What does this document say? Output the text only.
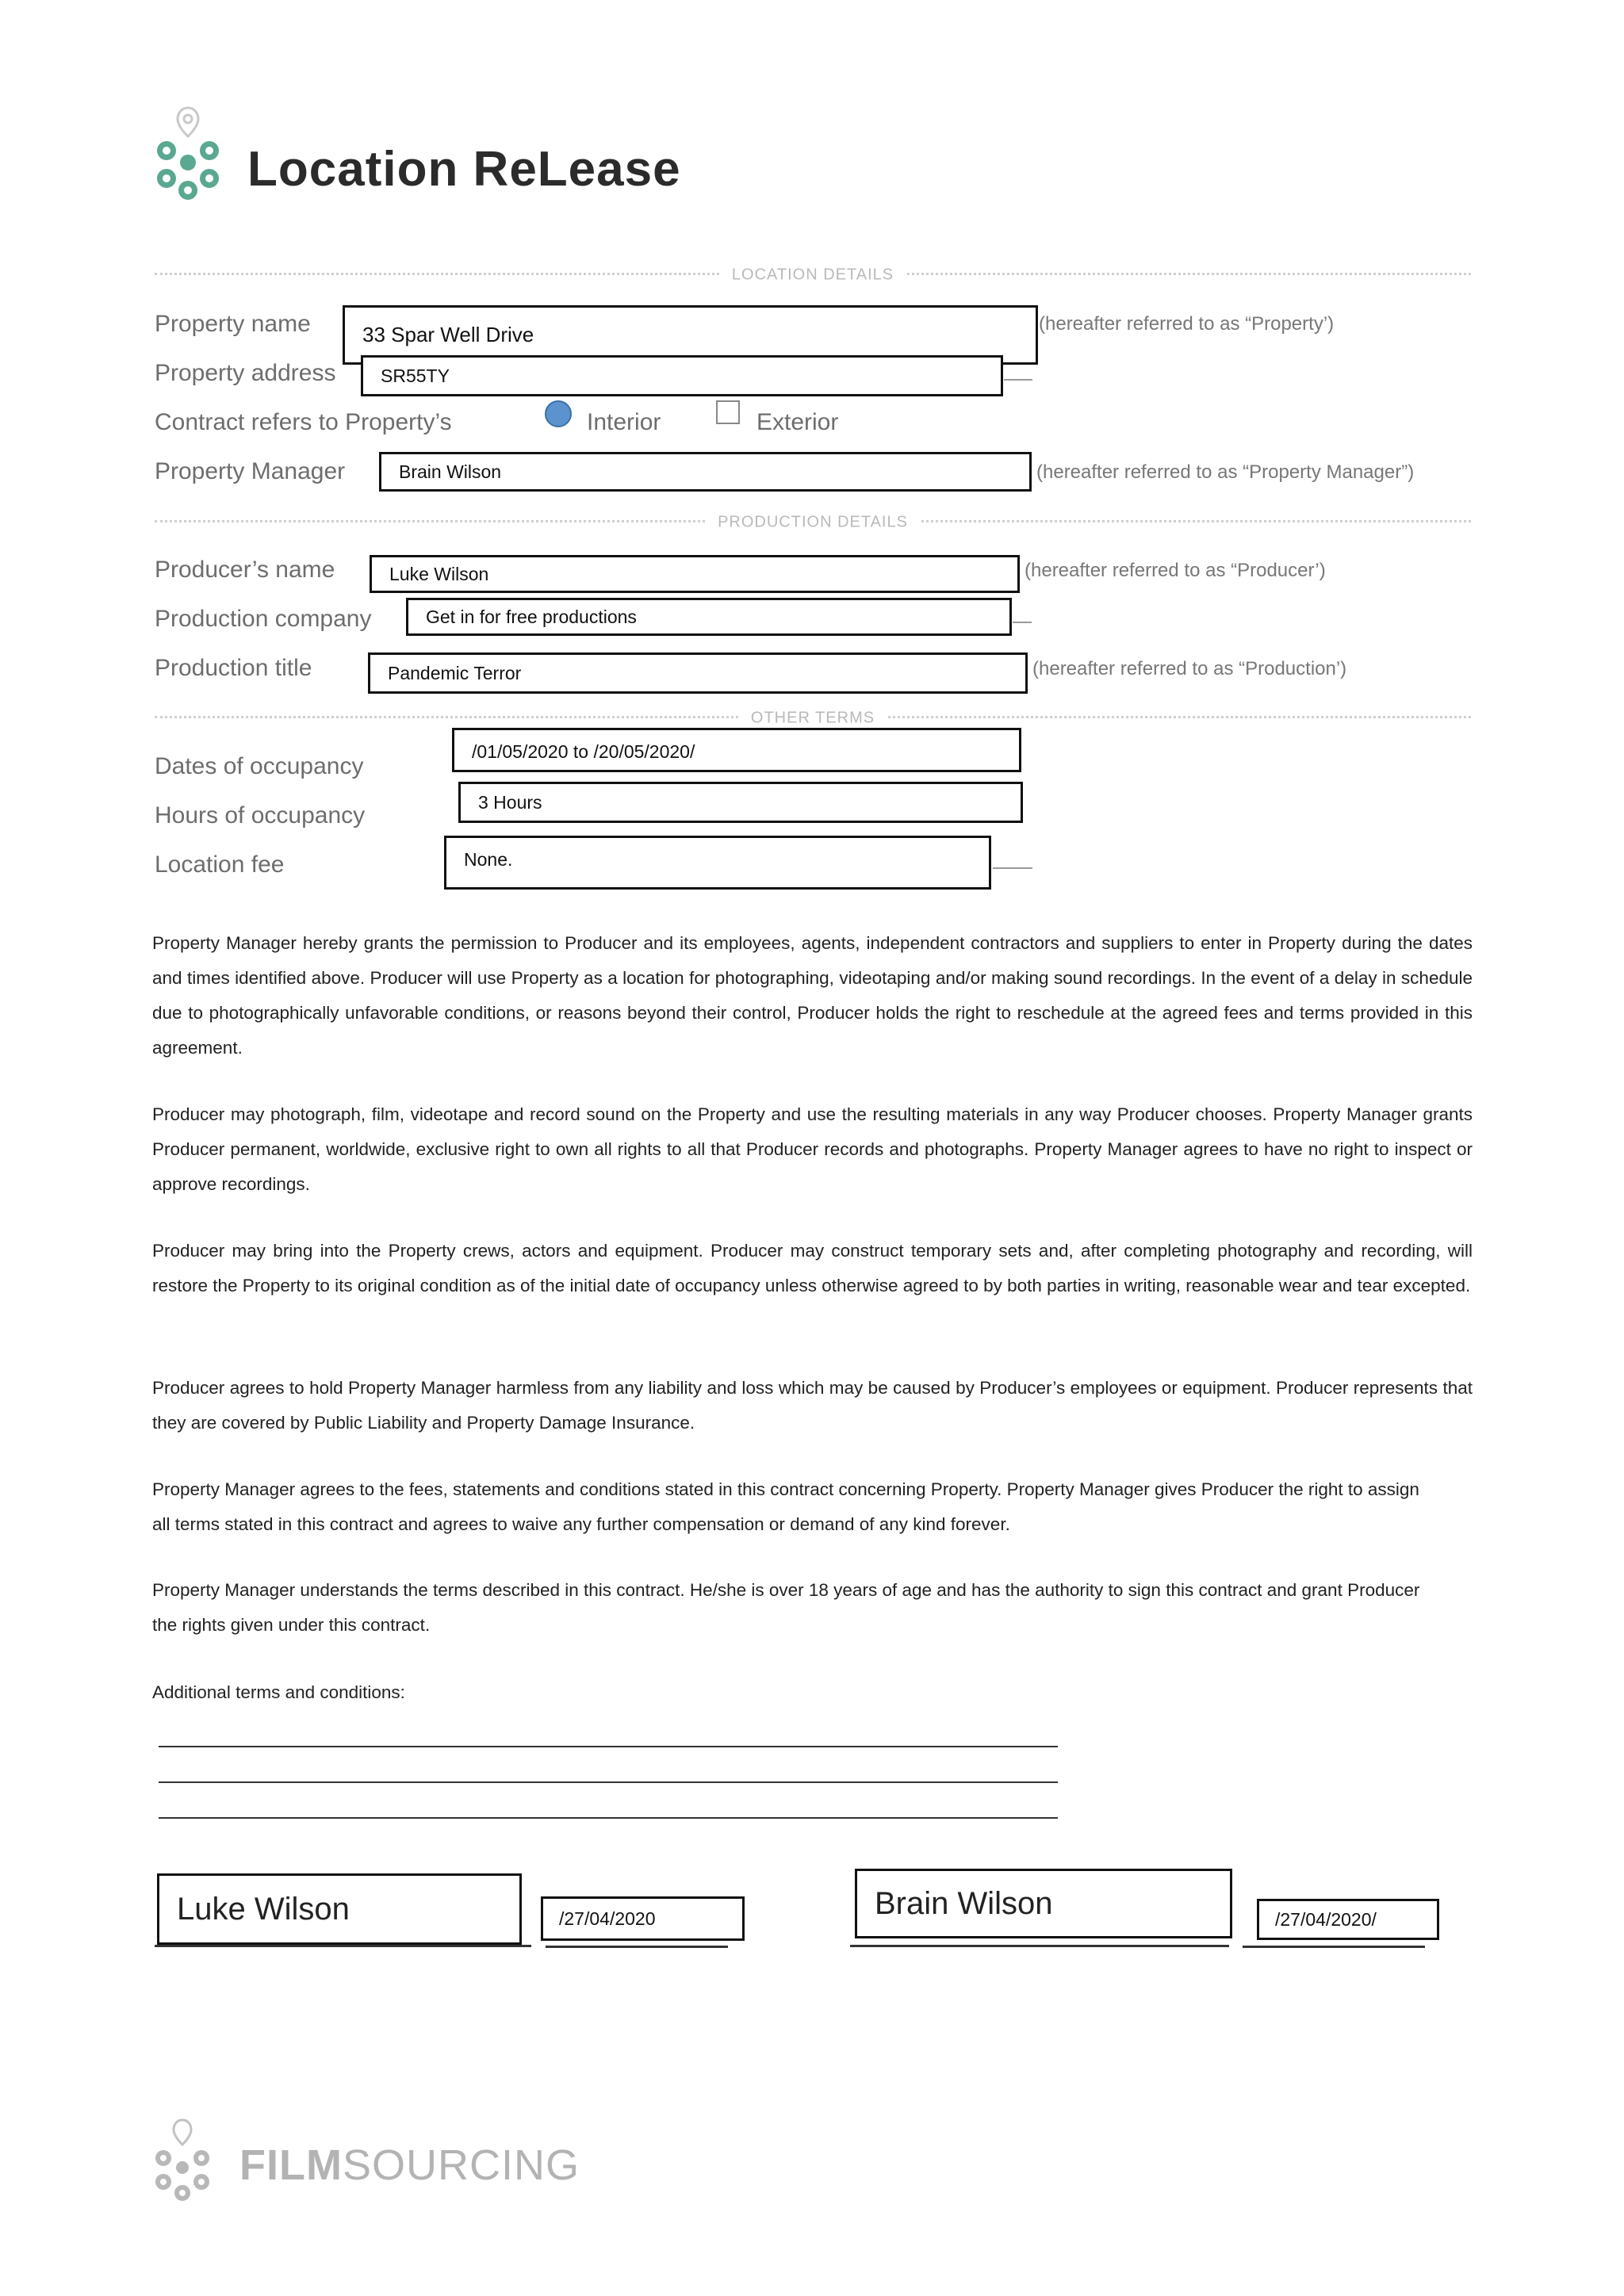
Location ReLease
LOCATION DETAILS
Property name	33 Spar Well Drive	(hereafter referred to as “Property’)
Property address	SR55TY
Contract refers to Property’s	Interior	Exterior
Property Manager	Brain Wilson	(hereafter referred to as “Property Manager”)
PRODUCTION DETAILS
Producer’s name	Luke Wilson	(hereafter referred to as “Producer’)
Production company	Get in for free productions
Production title	Pandemic Terror	(hereafter referred to as “Production’)
OTHER TERMS
Dates of occupancy
/01/05/2020 to /20/05/2020/
Hours of occupancy
3 Hours
Location fee	None.
Property Manager hereby grants the permission to Producer and its employees, agents, independent contractors and suppliers to enter in Property during the dates and times identified above. Producer will use Property as a location for photographing, videotaping and/or making sound recordings. In the event of a delay in schedule due to photographically unfavorable conditions, or reasons beyond their control, Producer holds the right to reschedule at the agreed fees and terms provided in this agreement.
Producer may photograph, film, videotape and record sound on the Property and use the resulting materials in any way Producer chooses. Property Manager grants Producer permanent, worldwide, exclusive right to own all rights to all that Producer records and photographs. Property Manager agrees to have no right to inspect or approve recordings.
Producer may bring into the Property crews, actors and equipment. Producer may construct temporary sets and, after completing photography and recording, will restore the Property to its original condition as of the initial date of occupancy unless otherwise agreed to by both parties in writing, reasonable wear and tear excepted.
Producer agrees to hold Property Manager harmless from any liability and loss which may be caused by Producer’s employees or equipment. Producer represents that they are covered by Public Liability and Property Damage Insurance.
Property Manager agrees to the fees, statements and conditions stated in this contract concerning Property. Property Manager gives Producer the right to assign all terms stated in this contract and agrees to waive any further compensation or demand of any kind forever.
Property Manager understands the terms described in this contract. He/she is over 18 years of age and has the authority to sign this contract and grant Producer the rights given under this contract.
Additional terms and conditions:
Luke Wilson	/27/04/2020	Brain Wilson	/27/04/2020/
FILMSOURCING
